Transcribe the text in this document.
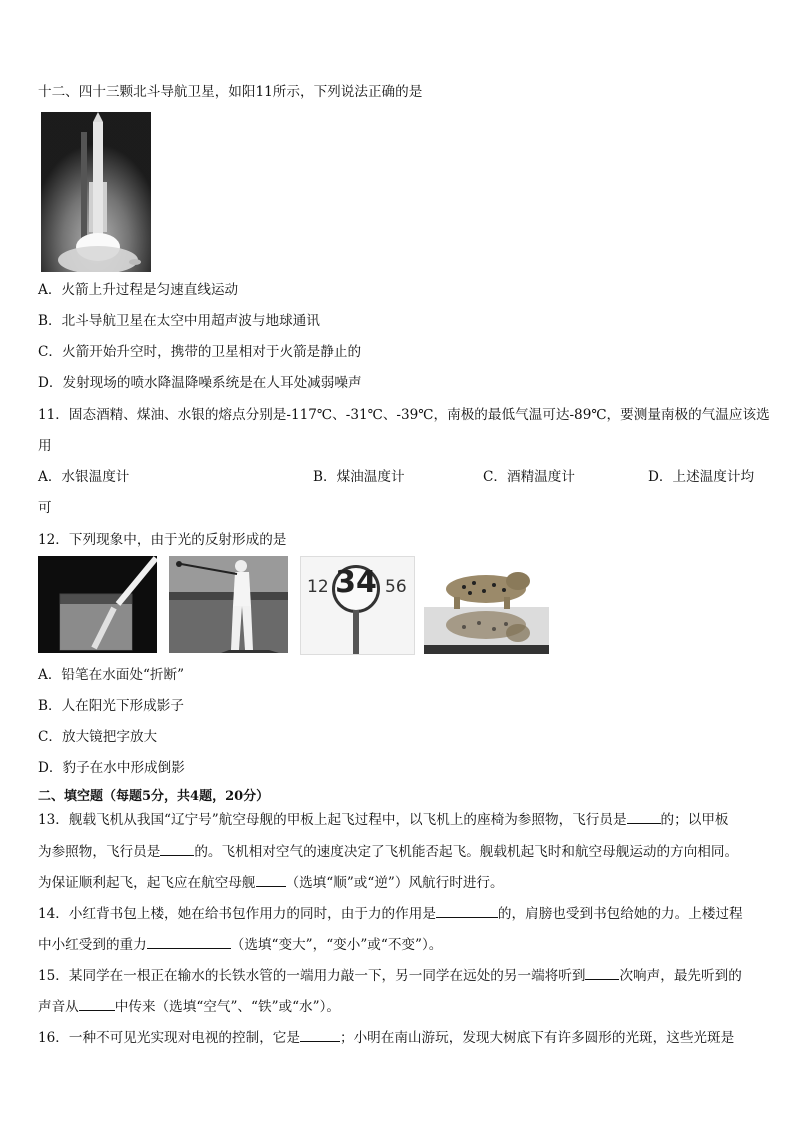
十二、四十三颗北斗导航卫星，如阳11所示，下列说法正确的是
A．火箭上升过程是匀速直线运动
B．北斗导航卫星在太空中用超声波与地球通讯
C．火箭开始升空时，携带的卫星相对于火箭是静止的
D．发射现场的喷水降温降噪系统是在人耳处减弱噪声
11．固态酒精、煤油、水银的熔点分别是-117℃、-31℃、-39℃，南极的最低气温可达-89℃，要测量南极的气温应该选
用
A．水银温度计	B．煤油温度计	C．酒精温度计	D．上述温度计均
可
12．下列现象中，由于光的反射形成的是
12 34 56
A．铅笔在水面处“折断”
B．人在阳光下形成影子
C．放大镜把字放大
D．豹子在水中形成倒影
二、填空题（每题5分，共4题，20分）
13．舰载飞机从我国“辽宁号”航空母舰的甲板上起飞过程中，以飞机上的座椅为参照物，飞行员是	的；以甲板
为参照物，飞行员是	的。飞机相对空气的速度决定了飞机能否起飞。舰载机起飞时和航空母舰运动的方向相同。
为保证顺利起飞，起飞应在航空母舰 （选填“顺”或“逆”）风航行时进行。
14．小红背书包上楼，她在给书包作用力的同时，由于力的作用是	的，肩膀也受到书包给她的力。上楼过程
中小红受到的重力	（选填“变大”，“变小”或“不变”）。
15．某同学在一根正在输水的长铁水管的一端用力敲一下，另一同学在远处的另一端将听到	次响声，最先听到的
声音从	中传来（选填“空气”、“铁”或“水”）。
16．一种不可见光实现对电视的控制，它是	；小明在南山游玩，发现大树底下有许多圆形的光斑，这些光斑是
